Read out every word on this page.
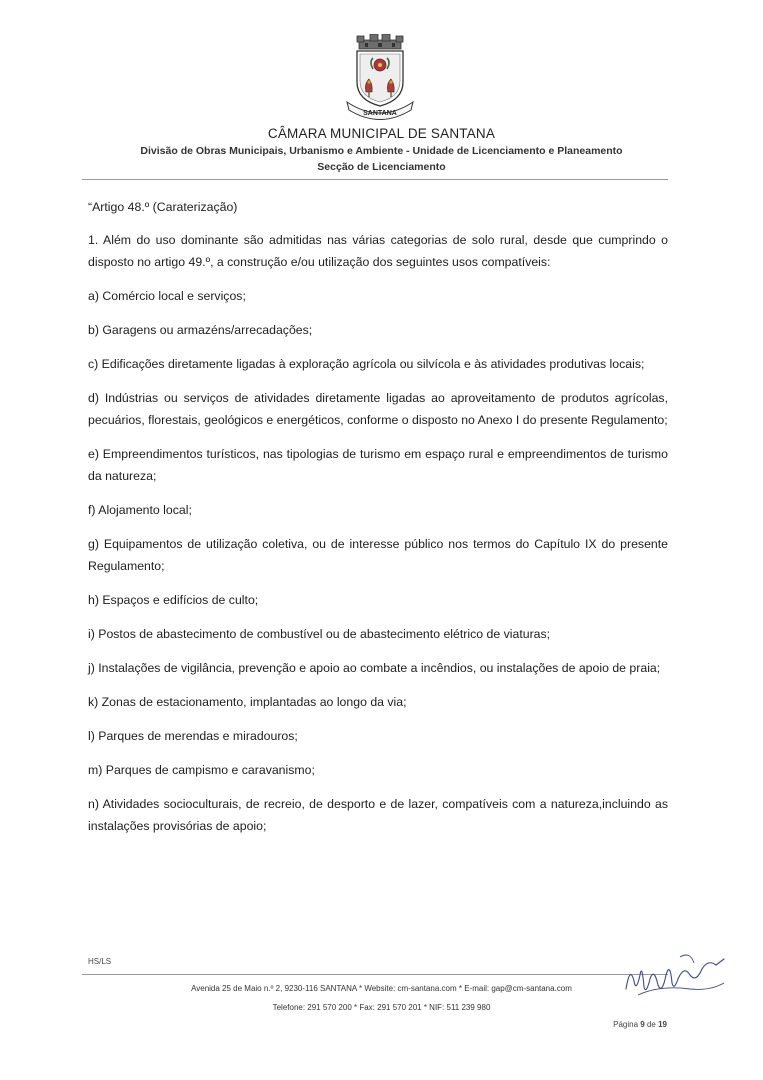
SANTANA
CÂMARA MUNICIPAL DE SANTANA
Divisão de Obras Municipais, Urbanismo e Ambiente - Unidade de Licenciamento e Planeamento
Secção de Licenciamento

“Artigo 48.º (Caraterização)

1. Além do uso dominante são admitidas nas várias categorias de solo rural, desde que cumprindo o disposto no artigo 49.º, a construção e/ou utilização dos seguintes usos compatíveis:

a) Comércio local e serviços;

b) Garagens ou armazéns/arrecadações;

c) Edificações diretamente ligadas à exploração agrícola ou silvícola e às atividades produtivas locais;

d) Indústrias ou serviços de atividades diretamente ligadas ao aproveitamento de produtos agrícolas, pecuários, florestais, geológicos e energéticos, conforme o disposto no Anexo I do presente Regulamento;

e) Empreendimentos turísticos, nas tipologias de turismo em espaço rural e empreendimentos de turismo da natureza;

f) Alojamento local;

g) Equipamentos de utilização coletiva, ou de interesse público nos termos do Capítulo IX do presente Regulamento;

h) Espaços e edifícios de culto;

i) Postos de abastecimento de combustível ou de abastecimento elétrico de viaturas;

j) Instalações de vigilância, prevenção e apoio ao combate a incêndios, ou instalações de apoio de praia;

k) Zonas de estacionamento, implantadas ao longo da via;

l) Parques de merendas e miradouros;

m) Parques de campismo e caravanismo;

n) Atividades socioculturais, de recreio, de desporto e de lazer, compatíveis com a natureza,incluindo as instalações provisórias de apoio;

HS/LS
Avenida 25 de Maio n.º 2, 9230-116 SANTANA * Website: cm-santana.com * E-mail: gap@cm-santana.com
Telefone: 291 570 200 * Fax: 291 570 201 * NIF: 511 239 980
Página 9 de 19
